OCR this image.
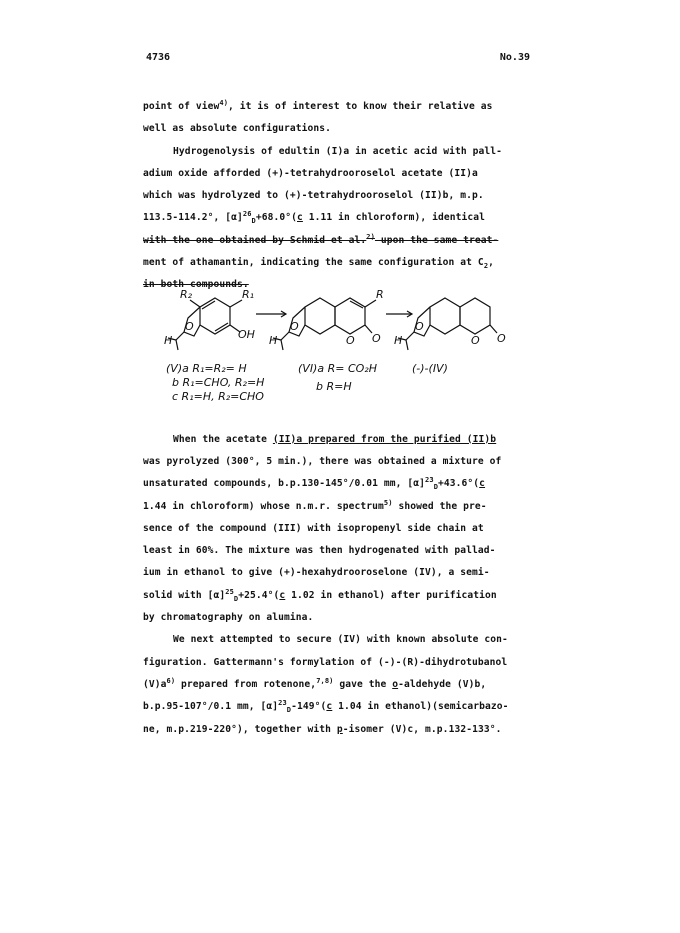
4736	No.39

point of view$^{4)}$, it is of interest to know their relative as

well as absolute configurations.

Hydrogenolysis of edultin (I)a in acetic acid with pall-

adium oxide afforded (+)-tetrahydrooroselol acetate (II)a

which was hydrolyzed to (+)-tetrahydrooroselol (II)b, m.p.

113.5-114.2°, $[\alpha]^{26}_D+68.0^\circ(c$ 1.11 in chloroform), identical

with the one obtained by Schmid et al.$^{2)}$ upon the same treat-

ment of athamantin, indicating the same configuration at $C_2$,

in both compounds.

When the acetate (II)a prepared from the purified (II)b

was pyrolyzed (300°, 5 min.), there was obtained a mixture of

unsaturated compounds, b.p.130-145°/0.01 mm, $[\alpha]^{23}_D+43.6^\circ(c$

1.44 in chloroform) whose n.m.r. spectrum$^{5)}$ showed the pre-

sence of the compound (III) with isopropenyl side chain at

least in 60%. The mixture was then hydrogenated with pallad-

ium in ethanol to give (+)-hexahydrooroselone (IV), a semi-

solid with $[\alpha]^{25}_D+25.4^\circ(c$ 1.02 in ethanol) after purification

by chromatography on alumina.

We next attempted to secure (IV) with known absolute con-

figuration. Gattermann's formylation of (-)-(R)-dihydrotubanol

$(V)a^{6)}$ prepared from rotenone,$^{7,8)}$ gave the o-aldehyde (V)b,

b.p.95-107°/0.1 mm, $[\alpha]^{23}_D-149^\circ(c$ 1.04 in ethanol)(semicarbazo-

ne, m.p.219-220°), together with p-isomer (V)c, m.p.132-133°.

R₂	R₁
OH
O
H
R
O
O O
H
O
O O
H
(V)a R₁=R₂= H
b R₁=CHO, R₂=H
c R₁=H, R₂=CHO
(VI)a R= CO₂H
b R=H
(-)-(IV)
